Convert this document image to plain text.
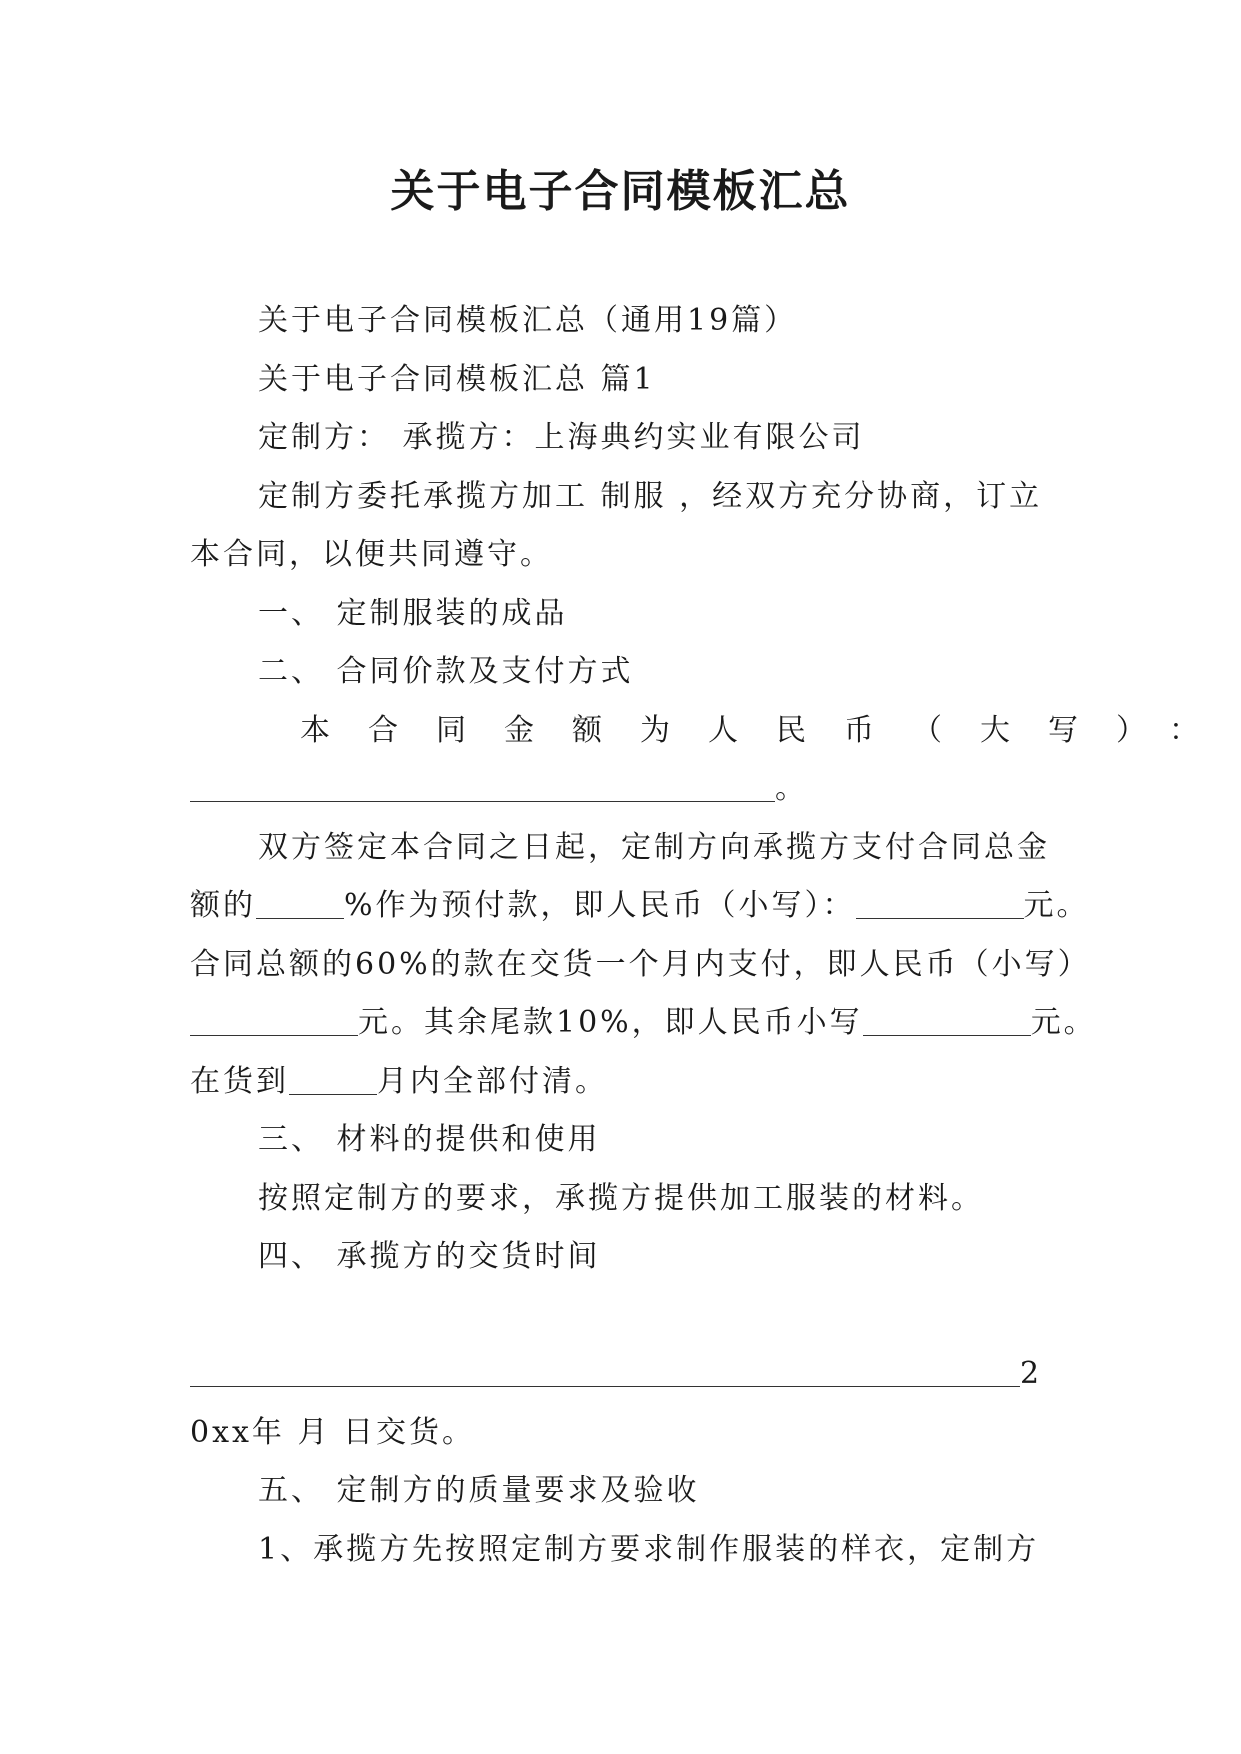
关于电子合同模板汇总

关于电子合同模板汇总（通用19篇）

关于电子合同模板汇总 篇1

定制方： 承揽方：上海典约实业有限公司

定制方委托承揽方加工 制服 ，经双方充分协商，订立

本合同，以便共同遵守。

一、 定制服装的成品

二、 合同价款及支付方式

本合同金额为人民币（大写）：

。

双方签定本合同之日起，定制方向承揽方支付合同总金

额的	%作为预付款，即人民币（小写）：	元。

合同总额的60%的款在交货一个月内支付，即人民币（小写）

元。其余尾款10%，即人民币小写	元。

在货到	月内全部付清。

三、 材料的提供和使用

按照定制方的要求，承揽方提供加工服装的材料。

四、 承揽方的交货时间

2

0xx年 月 日交货。

五、 定制方的质量要求及验收

1、承揽方先按照定制方要求制作服装的样衣，定制方
